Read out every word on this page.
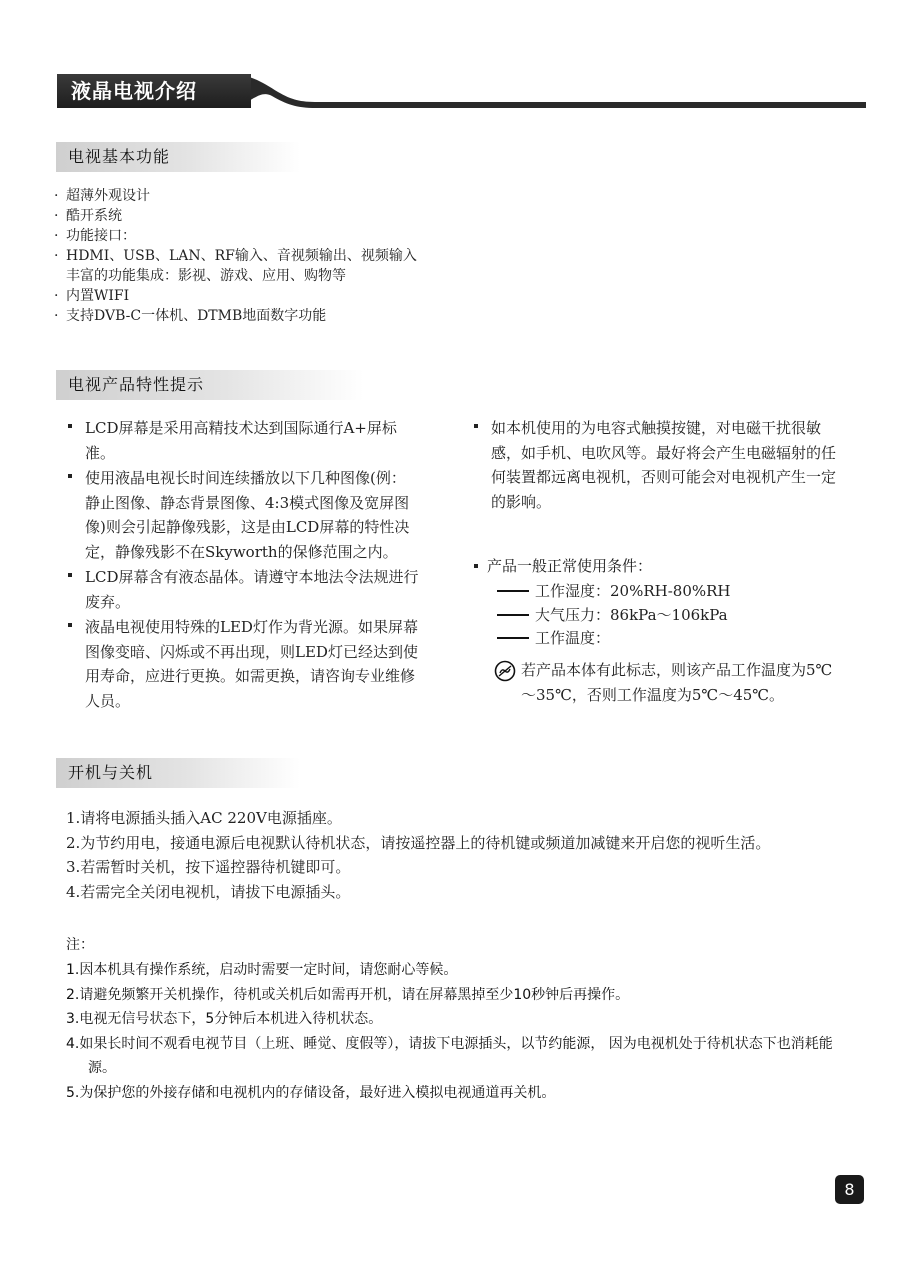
液晶电视介绍
电视基本功能
· 超薄外观设计
· 酷开系统
· 功能接口：
· HDMI、USB、LAN、RF输入、音视频输出、视频输入
丰富的功能集成：影视、游戏、应用、购物等
· 内置WIFI
· 支持DVB-C一体机、DTMB地面数字功能
电视产品特性提示
LCD屏幕是采用高精技术达到国际通行A+屏标准。
使用液晶电视长时间连续播放以下几种图像(例：静止图像、静态背景图像、4:3模式图像及宽屏图像)则会引起静像残影，这是由LCD屏幕的特性决定，静像残影不在Skyworth的保修范围之内。
LCD屏幕含有液态晶体。请遵守本地法令法规进行废弃。
液晶电视使用特殊的LED灯作为背光源。如果屏幕图像变暗、闪烁或不再出现，则LED灯已经达到使用寿命，应进行更换。如需更换，请咨询专业维修人员。
如本机使用的为电容式触摸按键，对电磁干扰很敏感，如手机、电吹风等。最好将会产生电磁辐射的任何装置都远离电视机，否则可能会对电视机产生一定的影响。
产品一般正常使用条件：
工作湿度：20%RH-80%RH
大气压力：86kPa～106kPa
工作温度：
若产品本体有此标志，则该产品工作温度为5℃～35℃，否则工作温度为5℃～45℃。
开机与关机
1.请将电源插头插入AC 220V电源插座。
2.为节约用电，接通电源后电视默认待机状态，请按遥控器上的待机键或频道加减键来开启您的视听生活。
3.若需暂时关机，按下遥控器待机键即可。
4.若需完全关闭电视机，请拔下电源插头。
注：
1.因本机具有操作系统，启动时需要一定时间，请您耐心等候。
2.请避免频繁开关机操作，待机或关机后如需再开机，请在屏幕黑掉至少10秒钟后再操作。
3.电视无信号状态下，5分钟后本机进入待机状态。
4.如果长时间不观看电视节目（上班、睡觉、度假等），请拔下电源插头，以节约能源， 因为电视机处于待机状态下也消耗能源。
5.为保护您的外接存储和电视机内的存储设备，最好进入模拟电视通道再关机。
8
